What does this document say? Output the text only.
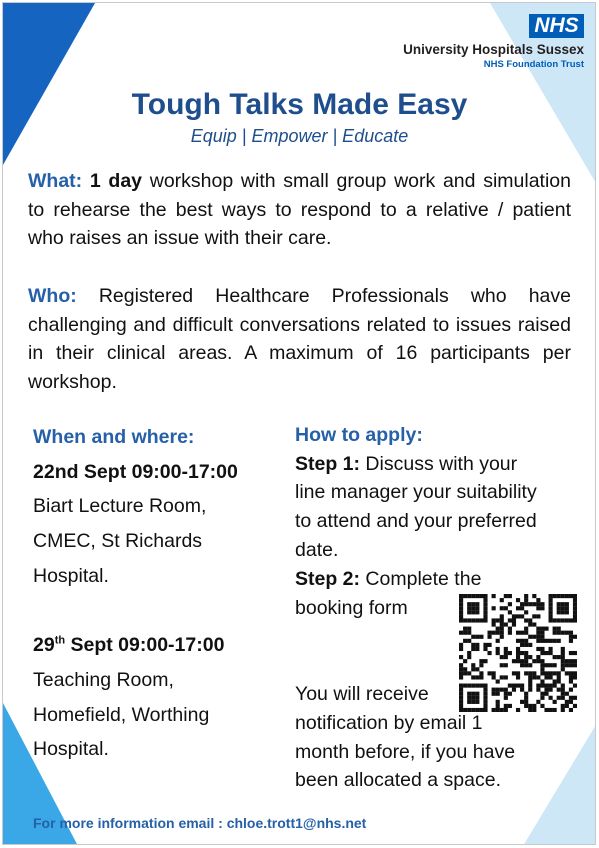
NHS
University Hospitals Sussex
NHS Foundation Trust
Tough Talks Made Easy
Equip | Empower | Educate
What: 1 day workshop with small group work and simulation to rehearse the best ways to respond to a relative / patient who raises an issue with their care.
Who: Registered Healthcare Professionals who have challenging and difficult conversations related to issues raised in their clinical areas. A maximum of 16 participants per workshop.
When and where:
22nd Sept 09:00-17:00
Biart Lecture Room,
CMEC, St Richards
Hospital.
29th Sept 09:00-17:00
Teaching Room,
Homefield, Worthing
Hospital.
How to apply:
Step 1: Discuss with your
line manager your suitability
to attend and your preferred
date.
Step 2: Complete the
booking form
You will receive
notification by email 1
month before, if you have
been allocated a space.
For more information email : chloe.trott1@nhs.net
